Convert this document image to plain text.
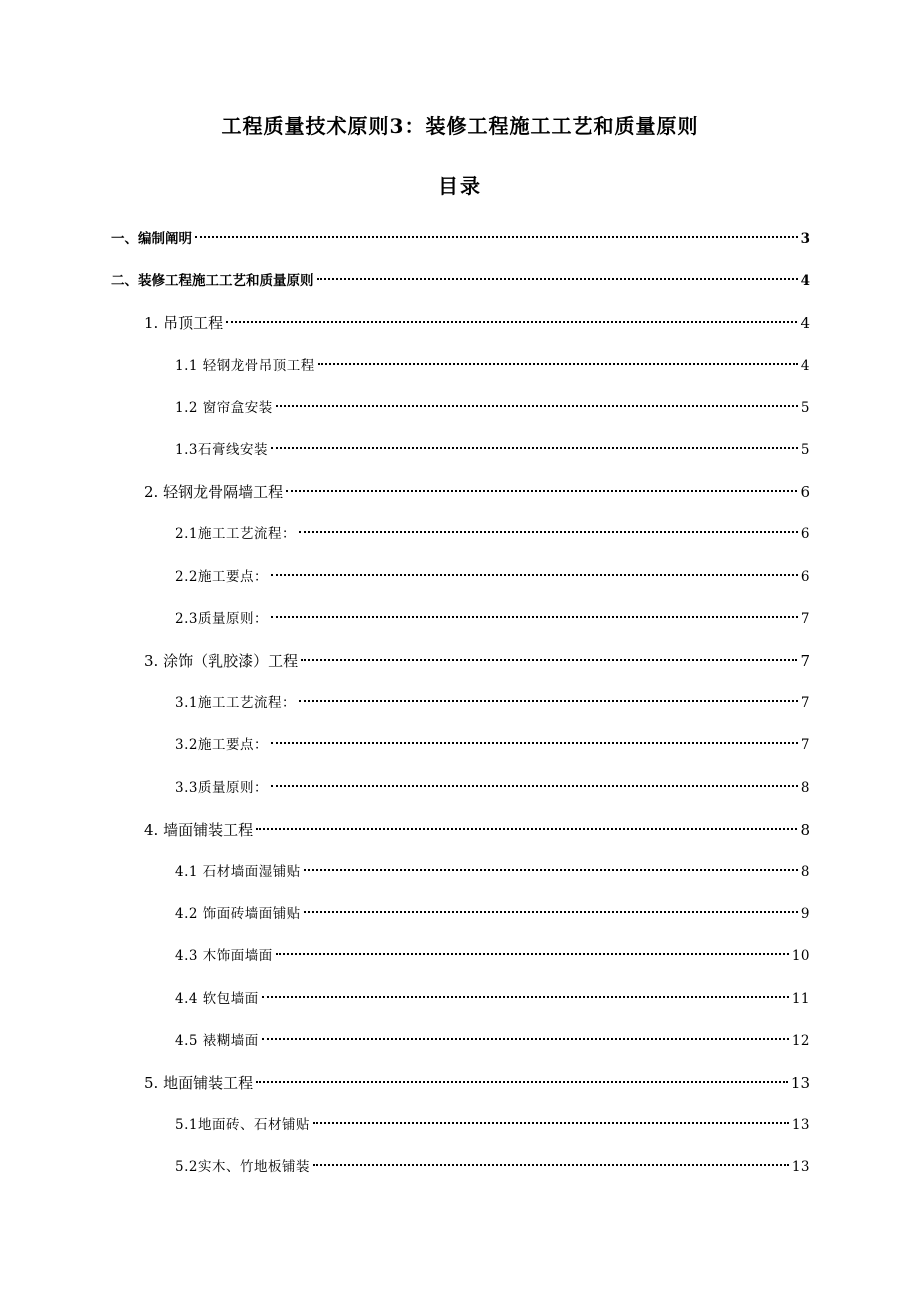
工程质量技术原则3：装修工程施工工艺和质量原则
目录
一、编制阐明	3
二、装修工程施工工艺和质量原则	4
1. 吊顶工程	4
1.1 轻钢龙骨吊顶工程	4
1.2 窗帘盒安装	5
1.3石膏线安装	5
2. 轻钢龙骨隔墙工程	6
2.1施工工艺流程：	6
2.2施工要点：	6
2.3质量原则：	7
3. 涂饰（乳胶漆）工程	7
3.1施工工艺流程：	7
3.2施工要点：	7
3.3质量原则：	8
4. 墙面铺装工程	8
4.1 石材墙面湿铺贴	8
4.2 饰面砖墙面铺贴	9
4.3 木饰面墙面	10
4.4 软包墙面	11
4.5 裱糊墙面	12
5. 地面铺装工程	13
5.1地面砖、石材铺贴	13
5.2实木、竹地板铺装	13
